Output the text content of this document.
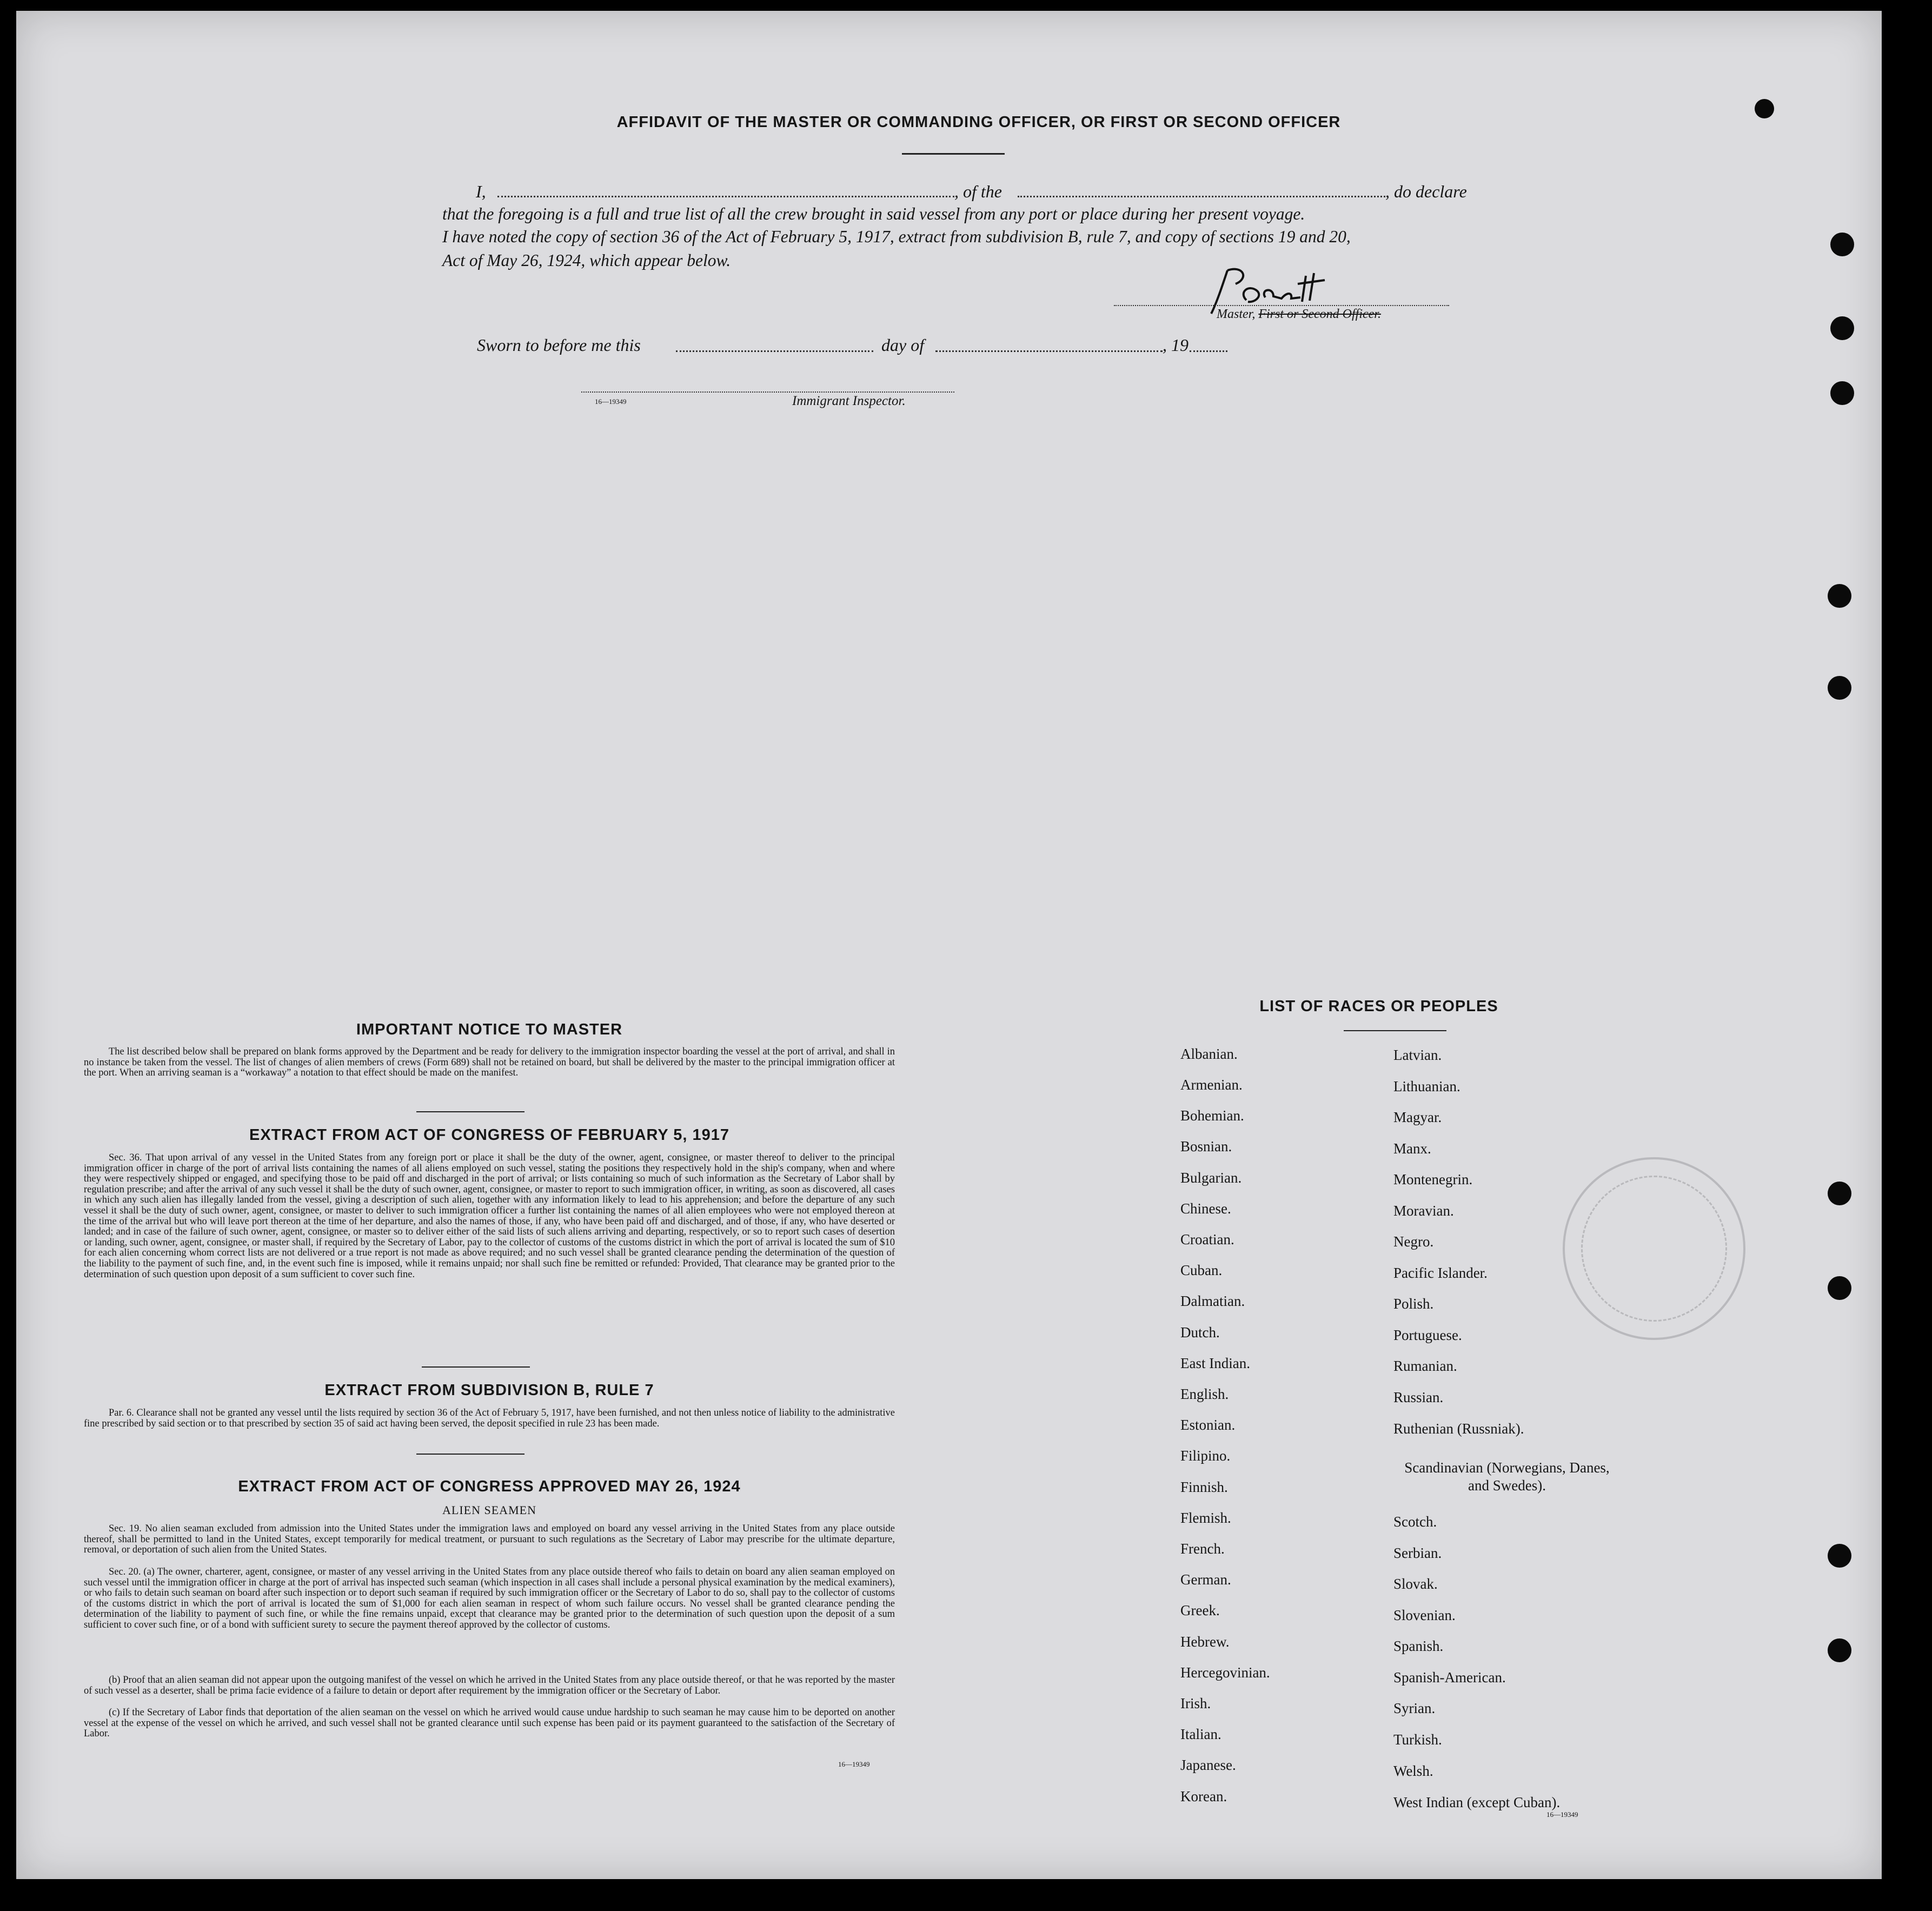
AFFIDAVIT OF THE MASTER OR COMMANDING OFFICER, OR FIRST OR SECOND OFFICER
I,	, of the	, do declare
that the foregoing is a full and true list of all the crew brought in said vessel from any port or place during her present voyage.
I have noted the copy of section 36 of the Act of February 5, 1917, extract from subdivision B, rule 7, and copy of sections 19 and 20,
Act of May 26, 1924, which appear below.
Master, First or Second Officer.
Sworn to before me this	day of	, 19
16—19349	Immigrant Inspector.
IMPORTANT NOTICE TO MASTER
The list described below shall be prepared on blank forms approved by the Department and be ready for delivery to the immigration inspector boarding the vessel at the port of arrival, and shall in no instance be taken from the vessel. The list of changes of alien members of crews (Form 689) shall not be retained on board, but shall be delivered by the master to the principal immigration officer at the port. When an arriving seaman is a “workaway” a notation to that effect should be made on the manifest.
EXTRACT FROM ACT OF CONGRESS OF FEBRUARY 5, 1917
Sec. 36. That upon arrival of any vessel in the United States from any foreign port or place it shall be the duty of the owner, agent, consignee, or master thereof to deliver to the principal immigration officer in charge of the port of arrival lists containing the names of all aliens employed on such vessel, stating the positions they respectively hold in the ship's company, when and where they were respectively shipped or engaged, and specifying those to be paid off and discharged in the port of arrival; or lists containing so much of such information as the Secretary of Labor shall by regulation prescribe; and after the arrival of any such vessel it shall be the duty of such owner, agent, consignee, or master to report to such immigration officer, in writing, as soon as discovered, all cases in which any such alien has illegally landed from the vessel, giving a description of such alien, together with any information likely to lead to his apprehension; and before the departure of any such vessel it shall be the duty of such owner, agent, consignee, or master to deliver to such immigration officer a further list containing the names of all alien employees who were not employed thereon at the time of the arrival but who will leave port thereon at the time of her departure, and also the names of those, if any, who have been paid off and discharged, and of those, if any, who have deserted or landed; and in case of the failure of such owner, agent, consignee, or master so to deliver either of the said lists of such aliens arriving and departing, respectively, or so to report such cases of desertion or landing, such owner, agent, consignee, or master shall, if required by the Secretary of Labor, pay to the collector of customs of the customs district in which the port of arrival is located the sum of $10 for each alien concerning whom correct lists are not delivered or a true report is not made as above required; and no such vessel shall be granted clearance pending the determination of the question of the liability to the payment of such fine, and, in the event such fine is imposed, while it remains unpaid; nor shall such fine be remitted or refunded: Provided, That clearance may be granted prior to the determination of such question upon deposit of a sum sufficient to cover such fine.
EXTRACT FROM SUBDIVISION B, RULE 7
Par. 6. Clearance shall not be granted any vessel until the lists required by section 36 of the Act of February 5, 1917, have been furnished, and not then unless notice of liability to the administrative fine prescribed by said section or to that prescribed by section 35 of said act having been served, the deposit specified in rule 23 has been made.
EXTRACT FROM ACT OF CONGRESS APPROVED MAY 26, 1924
ALIEN SEAMEN
Sec. 19. No alien seaman excluded from admission into the United States under the immigration laws and employed on board any vessel arriving in the United States from any place outside thereof, shall be permitted to land in the United States, except temporarily for medical treatment, or pursuant to such regulations as the Secretary of Labor may prescribe for the ultimate departure, removal, or deportation of such alien from the United States.
Sec. 20. (a) The owner, charterer, agent, consignee, or master of any vessel arriving in the United States from any place outside thereof who fails to detain on board any alien seaman employed on such vessel until the immigration officer in charge at the port of arrival has inspected such seaman (which inspection in all cases shall include a personal physical examination by the medical examiners), or who fails to detain such seaman on board after such inspection or to deport such seaman if required by such immigration officer or the Secretary of Labor to do so, shall pay to the collector of customs of the customs district in which the port of arrival is located the sum of $1,000 for each alien seaman in respect of whom such failure occurs. No vessel shall be granted clearance pending the determination of the liability to payment of such fine, or while the fine remains unpaid, except that clearance may be granted prior to the determination of such question upon the deposit of a sum sufficient to cover such fine, or of a bond with sufficient surety to secure the payment thereof approved by the collector of customs.
(b) Proof that an alien seaman did not appear upon the outgoing manifest of the vessel on which he arrived in the United States from any place outside thereof, or that he was reported by the master of such vessel as a deserter, shall be prima facie evidence of a failure to detain or deport after requirement by the immigration officer or the Secretary of Labor.
(c) If the Secretary of Labor finds that deportation of the alien seaman on the vessel on which he arrived would cause undue hardship to such seaman he may cause him to be deported on another vessel at the expense of the vessel on which he arrived, and such vessel shall not be granted clearance until such expense has been paid or its payment guaranteed to the satisfaction of the Secretary of Labor.
16—19349
LIST OF RACES OR PEOPLES
Albanian.
Armenian.
Bohemian.
Bosnian.
Bulgarian.
Chinese.
Croatian.
Cuban.
Dalmatian.
Dutch.
East Indian.
English.
Estonian.
Filipino.
Finnish.
Flemish.
French.
German.
Greek.
Hebrew.
Hercegovinian.
Irish.
Italian.
Japanese.
Korean.
Latvian.
Lithuanian.
Magyar.
Manx.
Montenegrin.
Moravian.
Negro.
Pacific Islander.
Polish.
Portuguese.
Rumanian.
Russian.
Ruthenian (Russniak).
Scandinavian (Norwegians, Danes, and Swedes).
Scotch.
Serbian.
Slovak.
Slovenian.
Spanish.
Spanish-American.
Syrian.
Turkish.
Welsh.
West Indian (except Cuban).
16—19349
